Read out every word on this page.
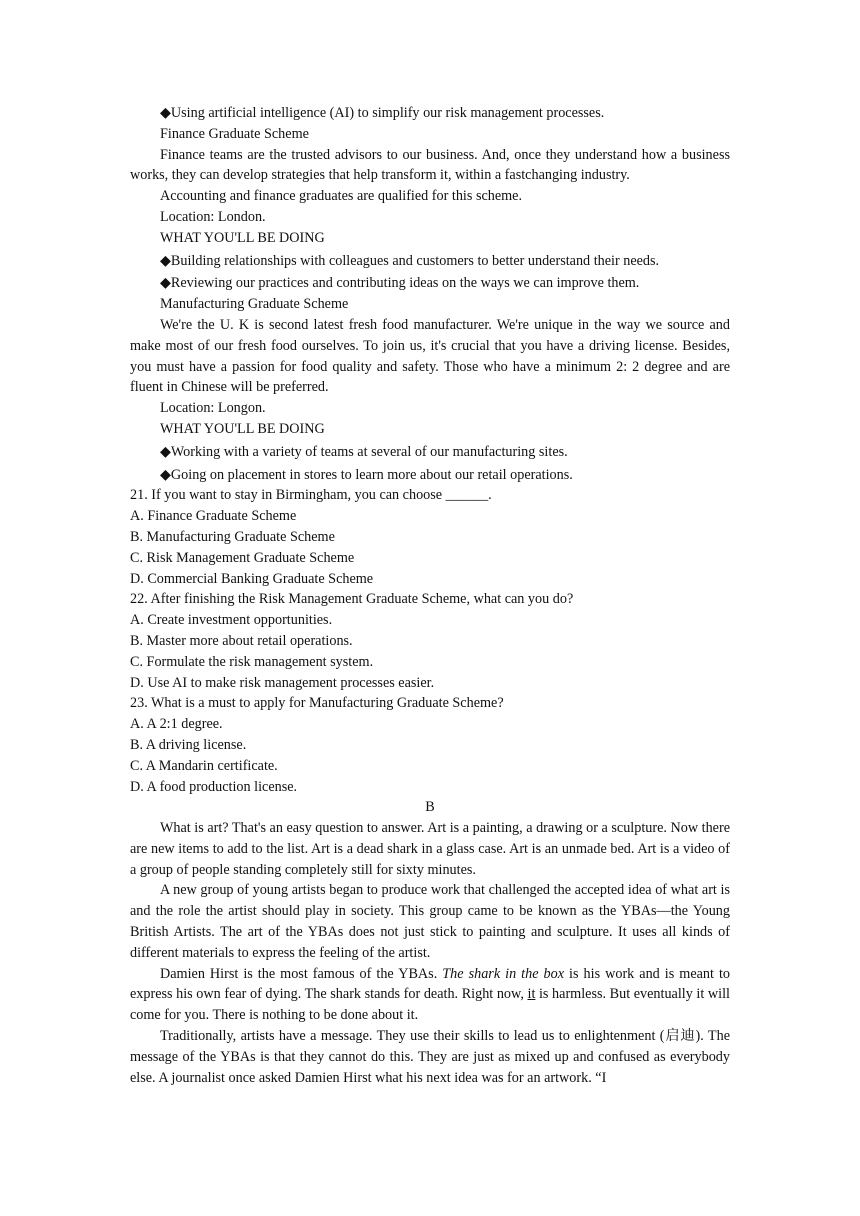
◆Using artificial intelligence (AI) to simplify our risk management processes.

Finance Graduate Scheme

Finance teams are the trusted advisors to our business. And, once they understand how a business works, they can develop strategies that help transform it, within a fastchanging industry.

Accounting and finance graduates are qualified for this scheme.

Location: London.

WHAT YOU'LL BE DOING

◆Building relationships with colleagues and customers to better understand their needs.

◆Reviewing our practices and contributing ideas on the ways we can improve them.

Manufacturing Graduate Scheme

We're the U. K is second latest fresh food manufacturer. We're unique in the way we source and make most of our fresh food ourselves. To join us, it's crucial that you have a driving license. Besides, you must have a passion for food quality and safety. Those who have a minimum 2: 2 degree and are fluent in Chinese will be preferred.

Location: Longon.

WHAT YOU'LL BE DOING

◆Working with a variety of teams at several of our manufacturing sites.

◆Going on placement in stores to learn more about our retail operations.

21. If you want to stay in Birmingham, you can choose ______.

A. Finance Graduate Scheme

B. Manufacturing Graduate Scheme

C. Risk Management Graduate Scheme

D. Commercial Banking Graduate Scheme

22. After finishing the Risk Management Graduate Scheme, what can you do?

A. Create investment opportunities.

B. Master more about retail operations.

C. Formulate the risk management system.

D. Use AI to make risk management processes easier.

23. What is a must to apply for Manufacturing Graduate Scheme?

A. A 2:1 degree.

B. A driving license.

C. A Mandarin certificate.

D. A food production license.

B

What is art? That's an easy question to answer. Art is a painting, a drawing or a sculpture. Now there are new items to add to the list. Art is a dead shark in a glass case. Art is an unmade bed. Art is a video of a group of people standing completely still for sixty minutes.

A new group of young artists began to produce work that challenged the accepted idea of what art is and the role the artist should play in society. This group came to be known as the YBAs—the Young British Artists. The art of the YBAs does not just stick to painting and sculpture. It uses all kinds of different materials to express the feeling of the artist.

Damien Hirst is the most famous of the YBAs. The shark in the box is his work and is meant to express his own fear of dying. The shark stands for death. Right now, it is harmless. But eventually it will come for you. There is nothing to be done about it.

Traditionally, artists have a message. They use their skills to lead us to enlightenment (启迪). The message of the YBAs is that they cannot do this. They are just as mixed up and confused as everybody else. A journalist once asked Damien Hirst what his next idea was for an artwork. “I
